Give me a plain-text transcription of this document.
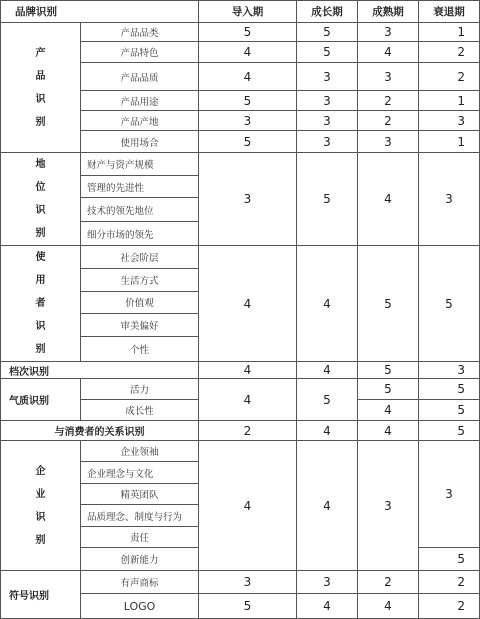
品牌识别		导入期	成长期	成熟期	衰退期
产
品
识
别	产品品类	5	5	3	1
	产品特色	4	5	4	2
	产品品质	4	3	3	2
	产品用途	5	3	2	1
	产品产地	3	3	2	3
	使用场合	5	3	3	1
地
位
识
别	财产与资产规模	3	5	4	3
	管理的先进性				
	技术的领先地位				
	细分市场的领先				
使
用
者
识
别	社会阶层	4	4	5	5
	生活方式				
	价值观				
	审美偏好				
	个性				
档次识别		4	4	5	3
气质识别	活力	4	5	5	5
	成长性			4	5
与消费者的关系识别		2	4	4	5
企
业
识
别	企业领袖	4	4	3	3
	企业理念与文化				
	精英团队				
	品质理念、制度与行为				
	责任				
	创新能力				5
符号识别	有声商标	3	3	2	2
	LOGO	5	4	4	2
